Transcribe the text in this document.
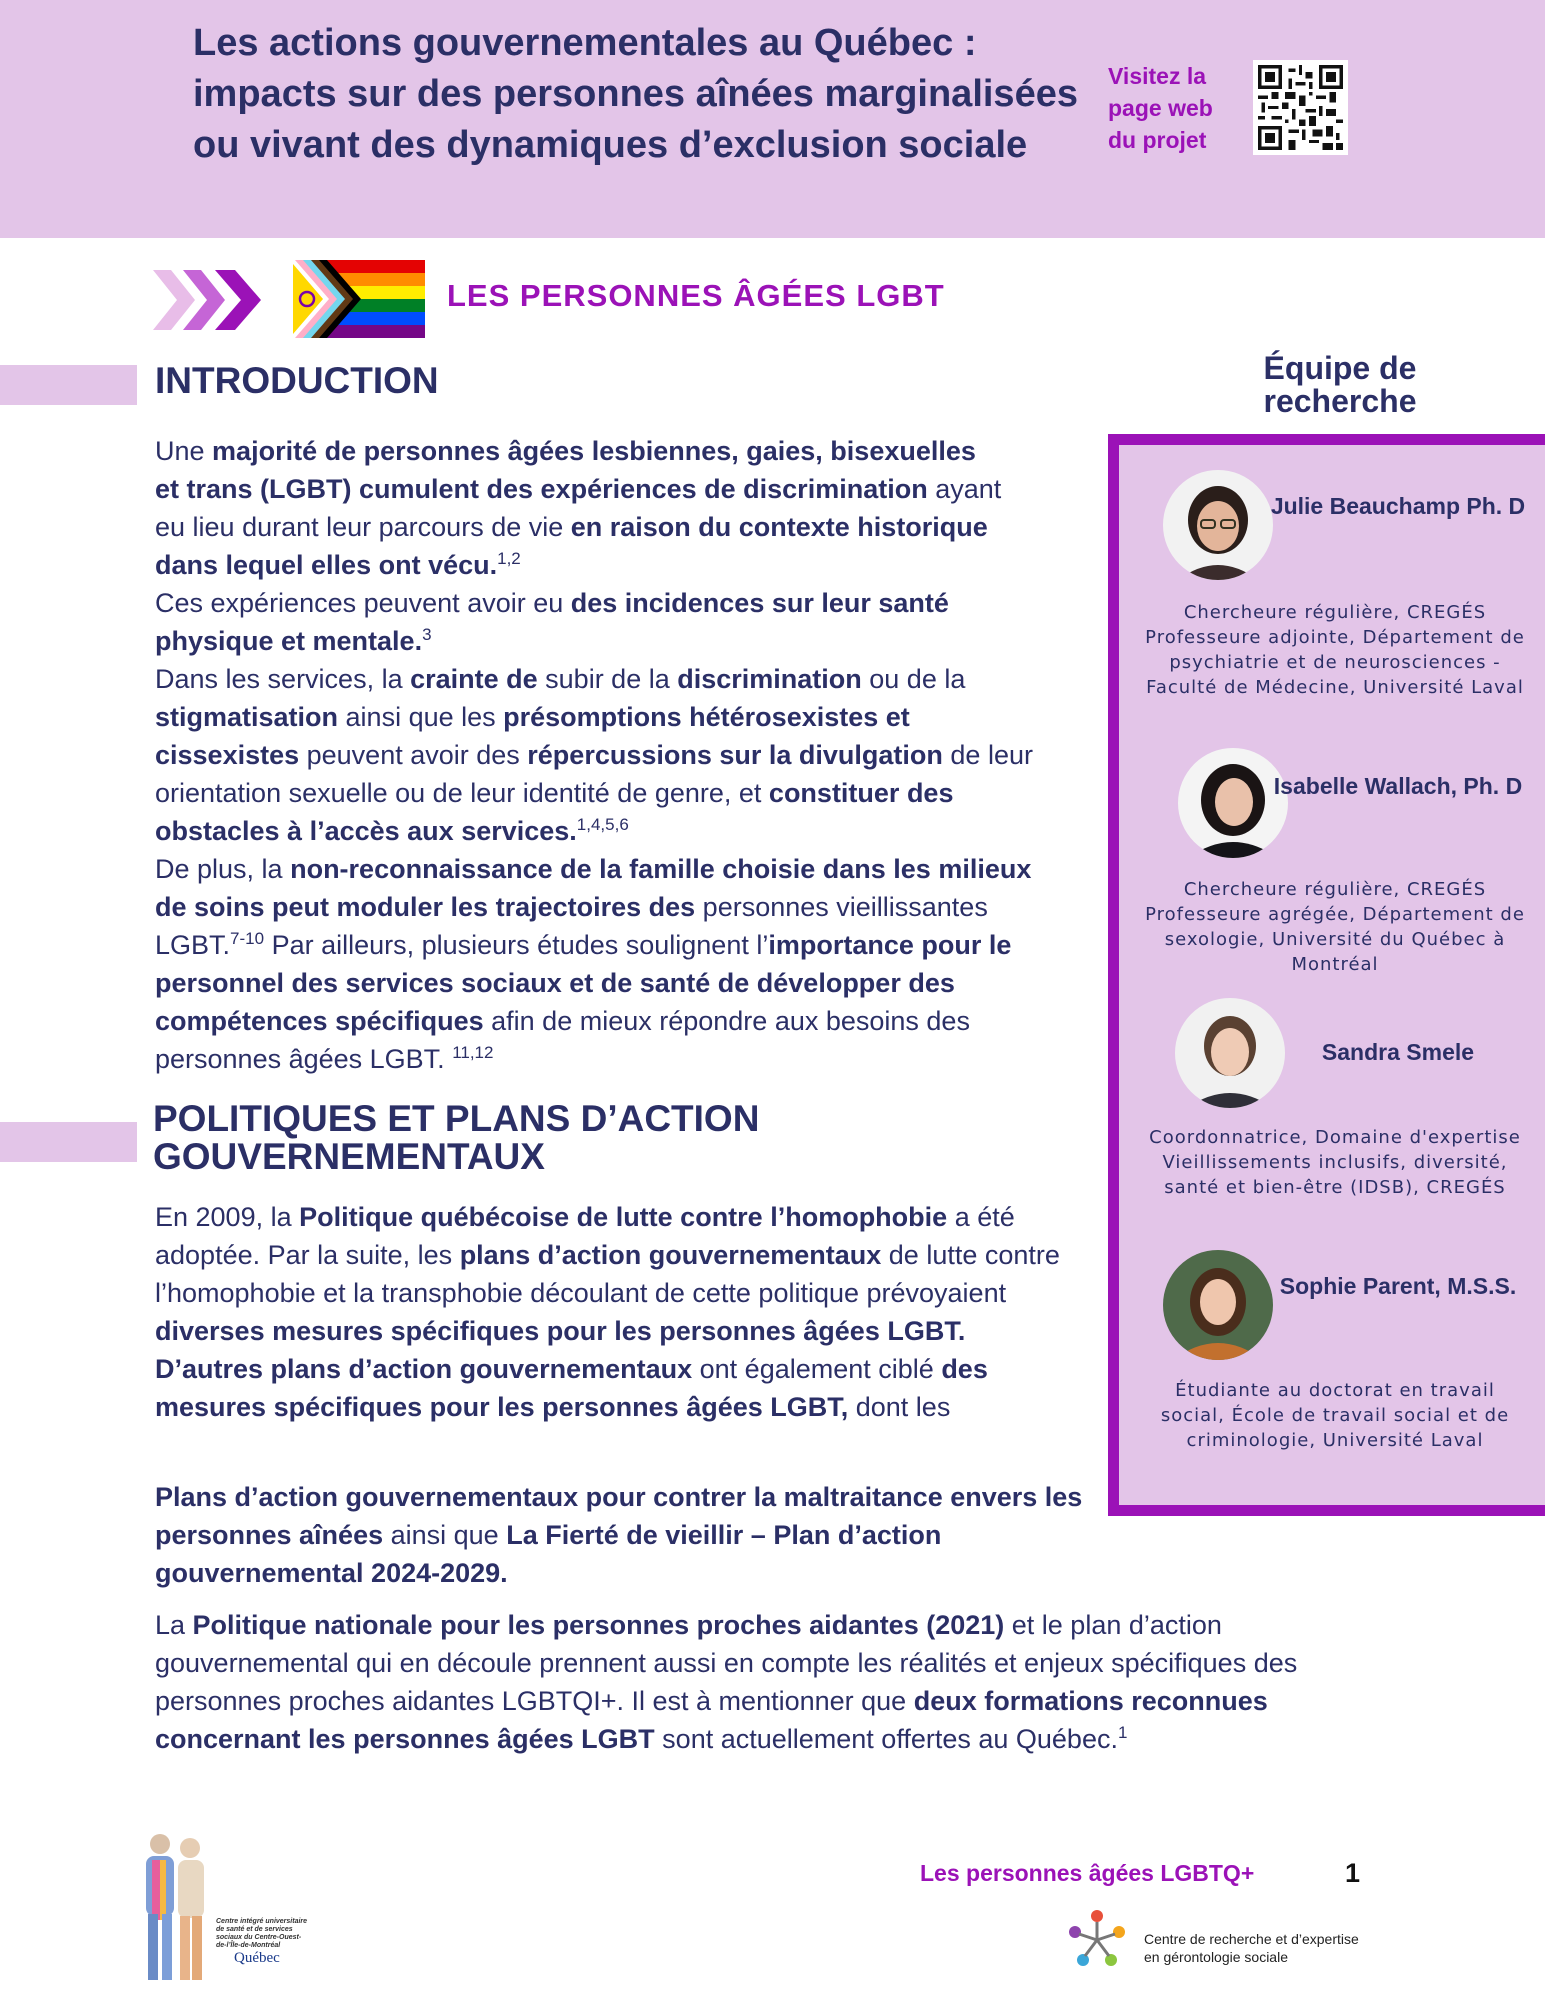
Les actions gouvernementales au Québec : impacts sur des personnes aînées marginalisées ou vivant des dynamiques d’exclusion sociale
Visitez la page web du projet
LES PERSONNES ÂGÉES LGBT
INTRODUCTION
Une majorité de personnes âgées lesbiennes, gaies, bisexuelles et trans (LGBT) cumulent des expériences de discrimination ayant eu lieu durant leur parcours de vie en raison du contexte historique dans lequel elles ont vécu.$^{1,2}$
Ces expériences peuvent avoir eu des incidences sur leur santé physique et mentale.$^3$
Dans les services, la crainte de subir de la discrimination ou de la stigmatisation ainsi que les présomptions hétérosexistes et cissexistes peuvent avoir des répercussions sur la divulgation de leur orientation sexuelle ou de leur identité de genre, et constituer des obstacles à l’accès aux services.$^{1,4,5,6}$
De plus, la non-reconnaissance de la famille choisie dans les milieux de soins peut moduler les trajectoires des personnes vieillissantes LGBT.$^{7-10}$ Par ailleurs, plusieurs études soulignent l’importance pour le personnel des services sociaux et de santé de développer des compétences spécifiques afin de mieux répondre aux besoins des personnes âgées LGBT. $^{11,12}$
POLITIQUES ET PLANS D’ACTION GOUVERNEMENTAUX
En 2009, la Politique québécoise de lutte contre l’homophobie a été adoptée. Par la suite, les plans d’action gouvernementaux de lutte contre l’homophobie et la transphobie découlant de cette politique prévoyaient diverses mesures spécifiques pour les personnes âgées LGBT. D’autres plans d’action gouvernementaux ont également ciblé des mesures spécifiques pour les personnes âgées LGBT, dont les
Plans d’action gouvernementaux pour contrer la maltraitance envers les personnes aînées ainsi que La Fierté de vieillir – Plan d’action gouvernemental 2024-2029.
La Politique nationale pour les personnes proches aidantes (2021) et le plan d’action gouvernemental qui en découle prennent aussi en compte les réalités et enjeux spécifiques des personnes proches aidantes LGBTQI+. Il est à mentionner que deux formations reconnues concernant les personnes âgées LGBT sont actuellement offertes au Québec.$^1$
Équipe de recherche
Julie Beauchamp Ph. D
Chercheure régulière, CREGÉS Professeure adjointe, Département de psychiatrie et de neurosciences - Faculté de Médecine, Université Laval
Isabelle Wallach, Ph. D
Chercheure régulière, CREGÉS Professeure agrégée, Département de sexologie, Université du Québec à Montréal
Sandra Smele
Coordonnatrice, Domaine d'expertise Vieillissements inclusifs, diversité, santé et bien-être (IDSB), CREGÉS
Sophie Parent, M.S.S.
Étudiante au doctorat en travail social, École de travail social et de criminologie, Université Laval
Centre intégré universitaire de santé et de services sociaux du Centre-Ouest-de-l’Île-de-Montréal
Québec
Les personnes âgées LGBTQ+	1
Centre de recherche et d’expertise en gérontologie sociale
